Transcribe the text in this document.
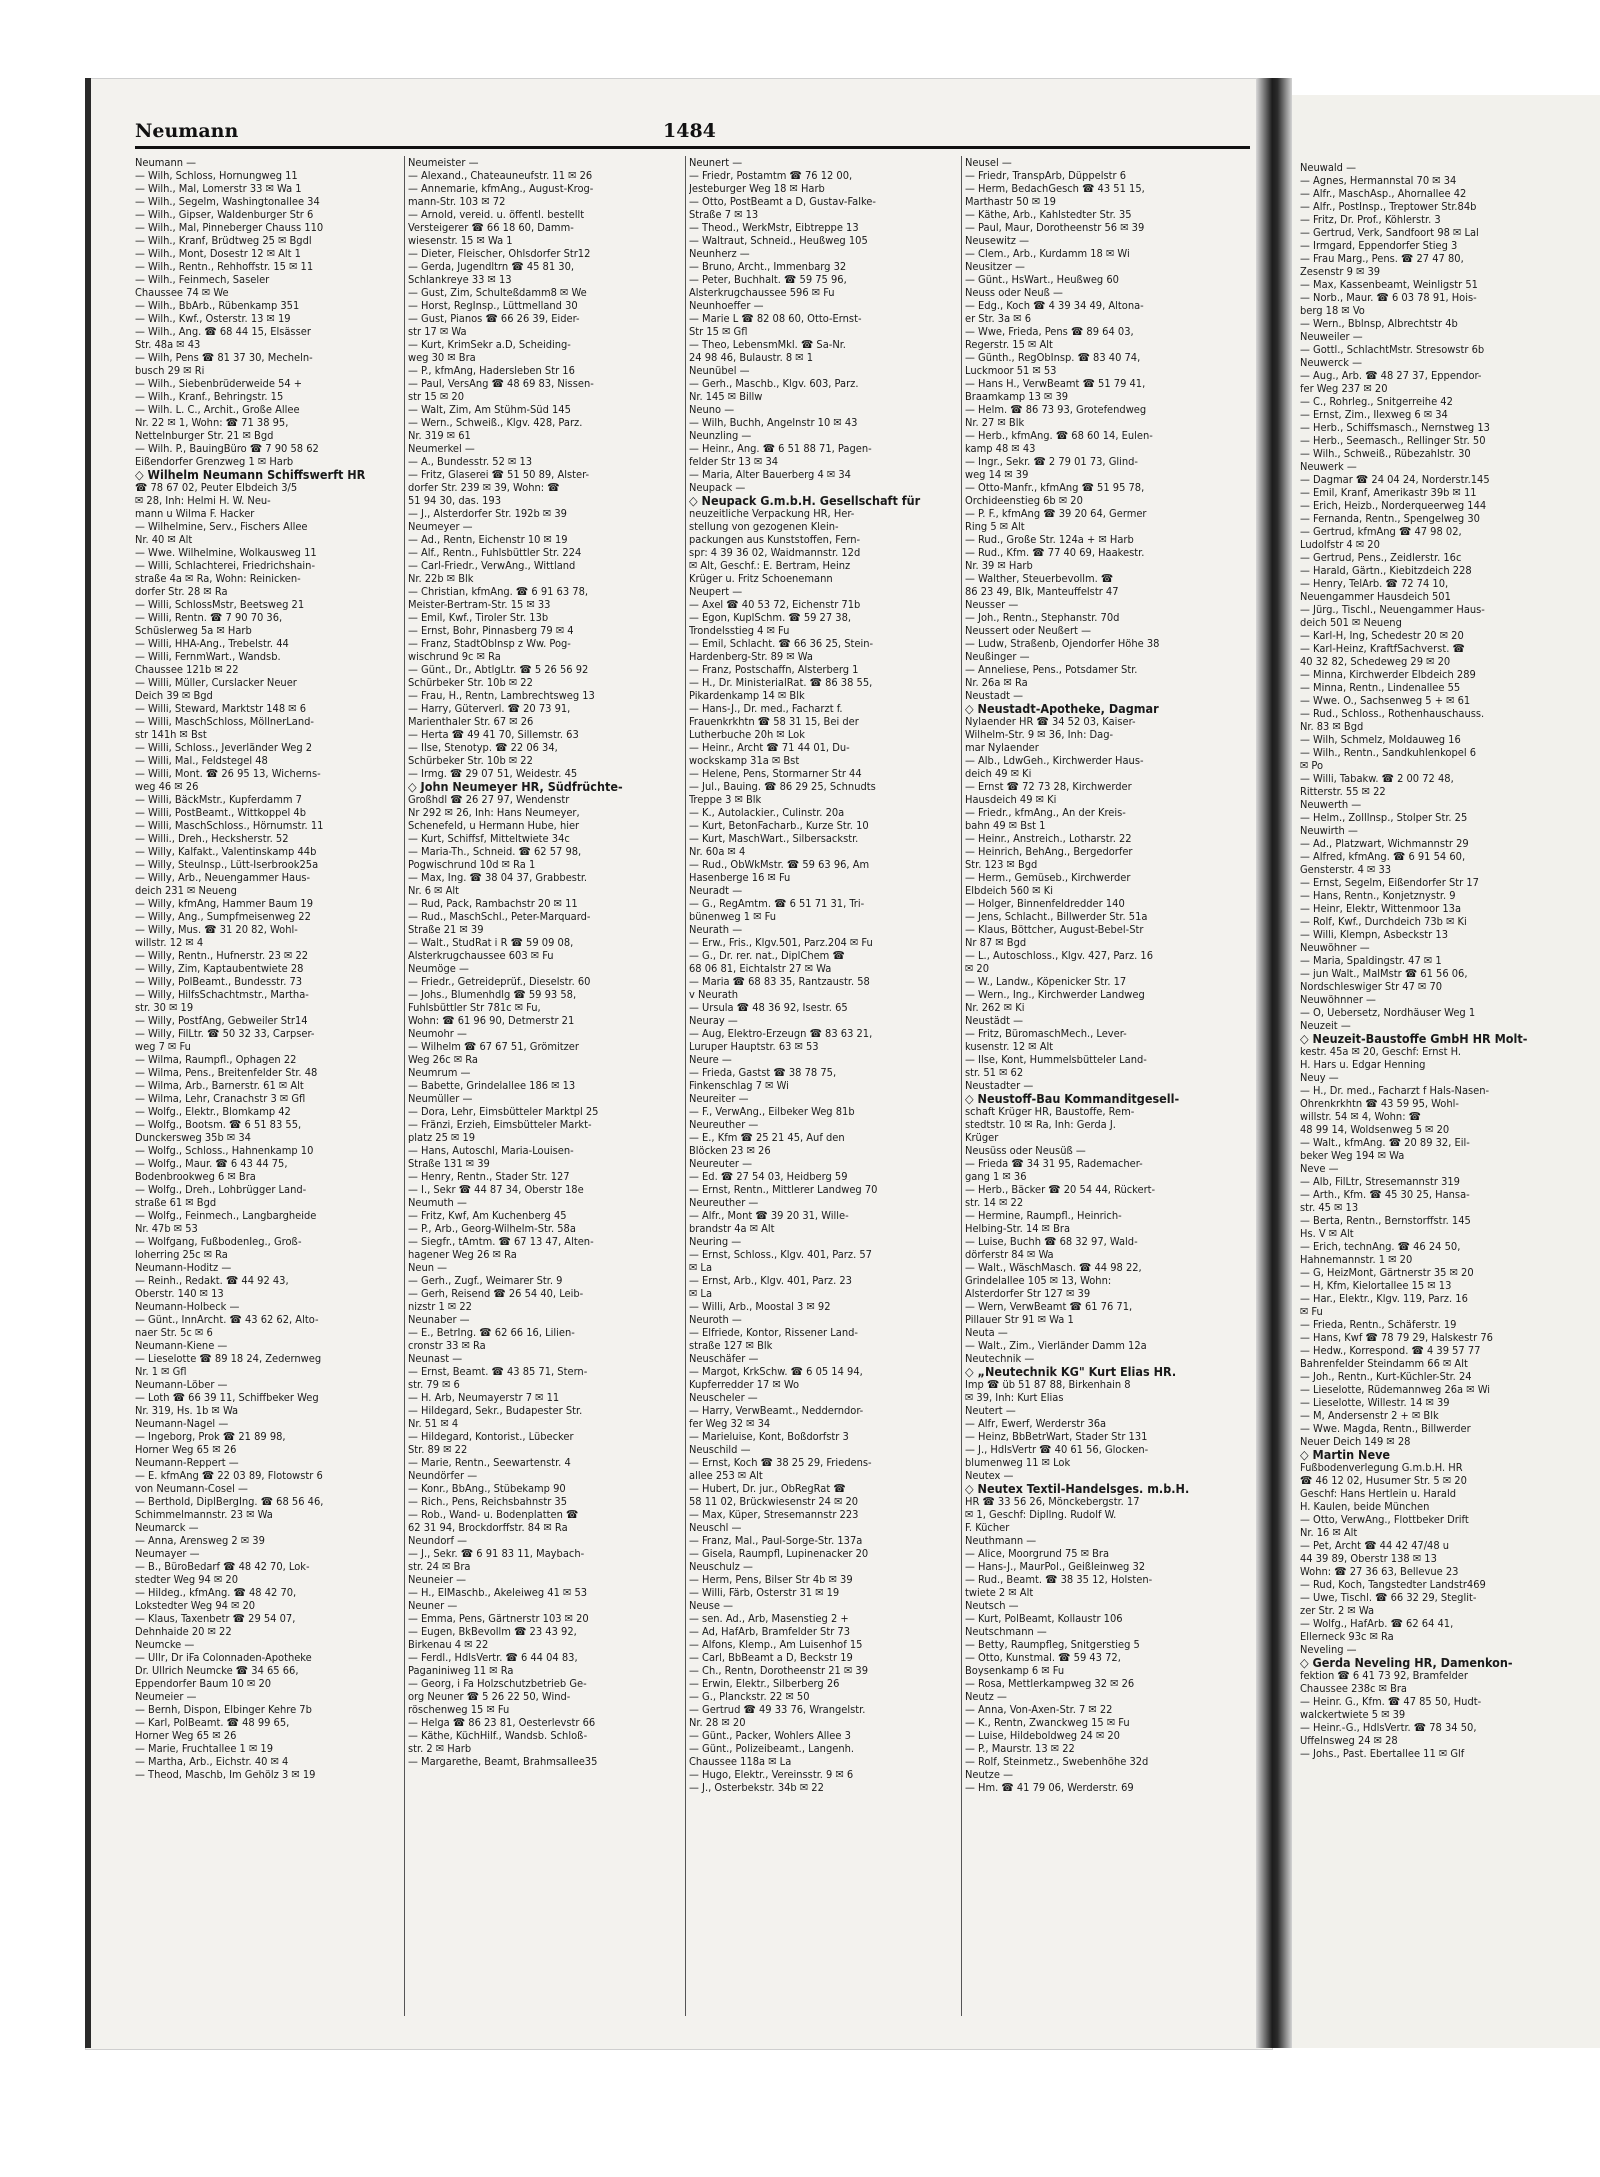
Neumann	1484
Neumann —
— Wilh, Schloss, Hornungweg 11
— Wilh., Mal, Lomerstr 33 ✉ Wa 1
— Wilh., Segelm, Washingtonallee 34
— Wilh., Gipser, Waldenburger Str 6
— Wilh., Mal, Pinneberger Chauss 110
— Wilh., Kranf, Brüdtweg 25 ✉ Bgdl
— Wilh., Mont, Dosestr 12 ✉ Alt 1
— Wilh., Rentn., Rehhoffstr. 15 ✉ 11
— Wilh., Feinmech, Saseler
Chaussee 74 ✉ We
— Wilh., BbArb., Rübenkamp 351
— Wilh., Kwf., Osterstr. 13 ✉ 19
— Wilh., Ang. ☎ 68 44 15, Elsässer
Str. 48a ✉ 43
— Wilh, Pens ☎ 81 37 30, Mecheln-
busch 29 ✉ Ri
— Wilh., Siebenbrüderweide 54 +
— Wilh., Kranf., Behringstr. 15
— Wilh. L. C., Archit., Große Allee
Nr. 22 ✉ 1, Wohn: ☎ 71 38 95,
Nettelnburger Str. 21 ✉ Bgd
— Wilh. P., BauingBüro ☎ 7 90 58 62
Eißendorfer Grenzweg 1 ✉ Harb
◇ Wilhelm Neumann Schiffswerft HR
☎ 78 67 02, Peuter Elbdeich 3/5
✉ 28, Inh: Helmi H. W. Neu-
mann u Wilma F. Hacker
— Wilhelmine, Serv., Fischers Allee
Nr. 40 ✉ Alt
— Wwe. Wilhelmine, Wolkausweg 11
— Willi, Schlachterei, Friedrichshain-
straße 4a ✉ Ra, Wohn: Reinicken-
dorfer Str. 28 ✉ Ra
— Willi, SchlossMstr, Beetsweg 21
— Willi, Rentn. ☎ 7 90 70 36,
Schüslerweg 5a ✉ Harb
— Willi, HHA-Ang., Trebelstr. 44
— Willi, FernmWart., Wandsb.
Chaussee 121b ✉ 22
— Willi, Müller, Curslacker Neuer
Deich 39 ✉ Bgd
— Willi, Steward, Marktstr 148 ✉ 6
— Willi, MaschSchloss, MöllnerLand-
str 141h ✉ Bst
— Willi, Schloss., Jeverländer Weg 2
— Willi, Mal., Feldstegel 48
— Willi, Mont. ☎ 26 95 13, Wicherns-
weg 46 ✉ 26
— Willi, BäckMstr., Kupferdamm 7
— Willi, PostBeamt., Wittkoppel 4b
— Willi, MaschSchloss., Hörnumstr. 11
— Willi., Dreh., Hecksherstr. 52
— Willy, Kalfakt., Valentinskamp 44b
— Willy, Steulnsp., Lütt-Iserbrook25a
— Willy, Arb., Neuengammer Haus-
deich 231 ✉ Neueng
— Willy, kfmAng, Hammer Baum 19
— Willy, Ang., Sumpfmeisenweg 22
— Willy, Mus. ☎ 31 20 82, Wohl-
willstr. 12 ✉ 4
— Willy, Rentn., Hufnerstr. 23 ✉ 22
— Willy, Zim, Kaptaubentwiete 28
— Willy, PolBeamt., Bundesstr. 73
— Willy, HilfsSchachtmstr., Martha-
str. 30 ✉ 19
— Willy, PostfAng, Gebweiler Str14
— Willy, FilLtr. ☎ 50 32 33, Carpser-
weg 7 ✉ Fu
— Wilma, Raumpfl., Ophagen 22
— Wilma, Pens., Breitenfelder Str. 48
— Wilma, Arb., Barnerstr. 61 ✉ Alt
— Wilma, Lehr, Cranachstr 3 ✉ Gfl
— Wolfg., Elektr., Blomkamp 42
— Wolfg., Bootsm. ☎ 6 51 83 55,
Dunckersweg 35b ✉ 34
— Wolfg., Schloss., Hahnenkamp 10
— Wolfg., Maur. ☎ 6 43 44 75,
Bodenbrookweg 6 ✉ Bra
— Wolfg., Dreh., Lohbrügger Land-
straße 61 ✉ Bgd
— Wolfg., Feinmech., Langbargheide
Nr. 47b ✉ 53
— Wolfgang, FußbodenIeg., Groß-
loherring 25c ✉ Ra
Neumann-Hoditz —
— Reinh., Redakt. ☎ 44 92 43,
Oberstr. 140 ✉ 13
Neumann-Holbeck —
— Günt., InnArcht. ☎ 43 62 62, Alto-
naer Str. 5c ✉ 6
Neumann-Kiene —
— Lieselotte ☎ 89 18 24, Zedernweg
Nr. 1 ✉ Gfl
Neumann-Löber —
— Loth ☎ 66 39 11, Schiffbeker Weg
Nr. 319, Hs. 1b ✉ Wa
Neumann-Nagel —
— Ingeborg, Prok ☎ 21 89 98,
Horner Weg 65 ✉ 26
Neumann-Reppert —
— E. kfmAng ☎ 22 03 89, Flotowstr 6
von Neumann-Cosel —
— Berthold, DiplBergIng. ☎ 68 56 46,
Schimmelmannstr. 23 ✉ Wa
Neumarck —
— Anna, Arensweg 2 ✉ 39
Neumayer —
— B., BüroBedarf ☎ 48 42 70, Lok-
stedter Weg 94 ✉ 20
— Hildeg., kfmAng. ☎ 48 42 70,
Lokstedter Weg 94 ✉ 20
— Klaus, Taxenbetr ☎ 29 54 07,
Dehnhaide 20 ✉ 22
Neumcke —
— Ullr, Dr iFa Colonnaden-Apotheke
Dr. Ullrich Neumcke ☎ 34 65 66,
Eppendorfer Baum 10 ✉ 20
Neumeier —
— Bernh, Dispon, Elbinger Kehre 7b
— Karl, PolBeamt. ☎ 48 99 65,
Horner Weg 65 ✉ 26
— Marie, Fruchtallee 1 ✉ 19
— Martha, Arb., Eichstr. 40 ✉ 4
— Theod, Maschb, Im Gehölz 3 ✉ 19
Neumeister —
— Alexand., Chateauneufstr. 11 ✉ 26
— Annemarie, kfmAng., August-Krog-
mann-Str. 103 ✉ 72
— Arnold, vereid. u. öffentl. bestellt
Versteigerer ☎ 66 18 60, Damm-
wiesenstr. 15 ✉ Wa 1
— Dieter, Fleischer, Ohlsdorfer Str12
— Gerda, Jugendltrn ☎ 45 81 30,
Schlankreye 33 ✉ 13
— Gust, Zim, Schulteßdamm8 ✉ We
— Horst, RegInsp., Lüttmelland 30
— Gust, Pianos ☎ 66 26 39, Eider-
str 17 ✉ Wa
— Kurt, KrimSekr a.D, Scheiding-
weg 30 ✉ Bra
— P., kfmAng, Hadersleben Str 16
— Paul, VersAng ☎ 48 69 83, Nissen-
str 15 ✉ 20
— Walt, Zim, Am Stühm-Süd 145
— Wern., Schweiß., Klgv. 428, Parz.
Nr. 319 ✉ 61
Neumerkel —
— A., Bundesstr. 52 ✉ 13
— Fritz, Glaserei ☎ 51 50 89, Alster-
dorfer Str. 239 ✉ 39, Wohn: ☎
51 94 30, das. 193
— J., Alsterdorfer Str. 192b ✉ 39
Neumeyer —
— Ad., Rentn, Eichenstr 10 ✉ 19
— Alf., Rentn., Fuhlsbüttler Str. 224
— Carl-Friedr., VerwAng., Wittland
Nr. 22b ✉ Blk
— Christian, kfmAng. ☎ 6 91 63 78,
Meister-Bertram-Str. 15 ✉ 33
— Emil, Kwf., Tiroler Str. 13b
— Ernst, Bohr, Pinnasberg 79 ✉ 4
— Franz, StadtOblnsp z Ww. Pog-
wischrund 9c ✉ Ra
— Günt., Dr., AbtlgLtr. ☎ 5 26 56 92
Schürbeker Str. 10b ✉ 22
— Frau, H., Rentn, Lambrechtsweg 13
— Harry, Güterverl. ☎ 20 73 91,
Marienthaler Str. 67 ✉ 26
— Herta ☎ 49 41 70, Sillemstr. 63
— Ilse, Stenotyp. ☎ 22 06 34,
Schürbeker Str. 10b ✉ 22
— Irmg. ☎ 29 07 51, Weidestr. 45
◇ John Neumeyer HR, Südfrüchte-
Großhdl ☎ 26 27 97, Wendenstr
Nr 292 ✉ 26, Inh: Hans Neumeyer,
Schenefeld, u Hermann Hube, hier
— Kurt, Schiffsf, Mitteltwiete 34c
— Maria-Th., Schneid. ☎ 62 57 98,
Pogwischrund 10d ✉ Ra 1
— Max, Ing. ☎ 38 04 37, Grabbestr.
Nr. 6 ✉ Alt
— Rud, Pack, Rambachstr 20 ✉ 11
— Rud., MaschSchl., Peter-Marquard-
Straße 21 ✉ 39
— Walt., StudRat i R ☎ 59 09 08,
Alsterkrugchaussee 603 ✉ Fu
Neumöge —
— Friedr., Getreideprüf., Dieselstr. 60
— Johs., Blumenhdlg ☎ 59 93 58,
Fuhlsbüttler Str 781c ✉ Fu,
Wohn: ☎ 61 96 90, Detmerstr 21
Neumohr —
— Wilhelm ☎ 67 67 51, Grömitzer
Weg 26c ✉ Ra
Neumrum —
— Babette, Grindelallee 186 ✉ 13
Neumüller —
— Dora, Lehr, Eimsbütteler Marktpl 25
— Fränzi, Erzieh, Eimsbütteler Markt-
platz 25 ✉ 19
— Hans, Autoschl, Maria-Louisen-
Straße 131 ✉ 39
— Henry, Rentn., Stader Str. 127
— I., Sekr ☎ 44 87 34, Oberstr 18e
Neumuth —
— Fritz, Kwf, Am Kuchenberg 45
— P., Arb., Georg-Wilhelm-Str. 58a
— Siegfr., tAmtm. ☎ 67 13 47, Alten-
hagener Weg 26 ✉ Ra
Neun —
— Gerh., Zugf., Weimarer Str. 9
— Gerh, Reisend ☎ 26 54 40, Leib-
nizstr 1 ✉ 22
Neunaber —
— E., BetrIng. ☎ 62 66 16, Lilien-
cronstr 33 ✉ Ra
Neunast —
— Ernst, Beamt. ☎ 43 85 71, Stern-
str. 79 ✉ 6
— H. Arb, Neumayerstr 7 ✉ 11
— Hildegard, Sekr., Budapester Str.
Nr. 51 ✉ 4
— Hildegard, Kontorist., Lübecker
Str. 89 ✉ 22
— Marie, Rentn., Seewartenstr. 4
Neundörfer —
— Konr., BbAng., Stübekamp 90
— Rich., Pens, Reichsbahnstr 35
— Rob., Wand- u. Bodenplatten ☎
62 31 94, Brockdorffstr. 84 ✉ Ra
Neundorf —
— J., Sekr. ☎ 6 91 83 11, Maybach-
str. 24 ✉ Bra
Neuneier —
— H., ElMaschb., Akeleiweg 41 ✉ 53
Neuner —
— Emma, Pens, Gärtnerstr 103 ✉ 20
— Eugen, BkBevollm ☎ 23 43 92,
Birkenau 4 ✉ 22
— Ferdl., HdlsVertr. ☎ 6 44 04 83,
Paganiniweg 11 ✉ Ra
— Georg, i Fa Holzschutzbetrieb Ge-
org Neuner ☎ 5 26 22 50, Wind-
röschenweg 15 ✉ Fu
— Helga ☎ 86 23 81, Oesterlevstr 66
— Käthe, KüchHilf., Wandsb. Schloß-
str. 2 ✉ Harb
— Margarethe, Beamt, Brahmsallee35
Neunert —
— Friedr, Postamtm ☎ 76 12 00,
Jesteburger Weg 18 ✉ Harb
— Otto, PostBeamt a D, Gustav-Falke-
Straße 7 ✉ 13
— Theod., WerkMstr, Eibtreppe 13
— Waltraut, Schneid., Heußweg 105
Neunherz —
— Bruno, Archt., Immenbarg 32
— Peter, Buchhalt. ☎ 59 75 96,
Alsterkrugchaussee 596 ✉ Fu
Neunhoeffer —
— Marie L ☎ 82 08 60, Otto-Ernst-
Str 15 ✉ Gfl
— Theo, LebensmMkl. ☎ Sa-Nr.
24 98 46, Bulaustr. 8 ✉ 1
Neunübel —
— Gerh., Maschb., Klgv. 603, Parz.
Nr. 145 ✉ Billw
Neuno —
— Wilh, Buchh, Angelnstr 10 ✉ 43
Neunzling —
— Heinr., Ang. ☎ 6 51 88 71, Pagen-
felder Str 13 ✉ 34
— Maria, Alter Bauerberg 4 ✉ 34
Neupack —
◇ Neupack G.m.b.H. Gesellschaft für
neuzeitliche Verpackung HR, Her-
stellung von gezogenen Klein-
packungen aus Kunststoffen, Fern-
spr: 4 39 36 02, Waidmannstr. 12d
✉ Alt, Geschf.: E. Bertram, Heinz
Krüger u. Fritz Schoenemann
Neupert —
— Axel ☎ 40 53 72, Eichenstr 71b
— Egon, KuplSchm. ☎ 59 27 38,
Trondelsstieg 4 ✉ Fu
— Emil, Schlacht. ☎ 66 36 25, Stein-
Hardenberg-Str. 89 ✉ Wa
— Franz, Postschaffn, Alsterberg 1
— H., Dr. MinisterialRat. ☎ 86 38 55,
Pikardenkamp 14 ✉ Blk
— Hans-J., Dr. med., Facharzt f.
Frauenkrkhtn ☎ 58 31 15, Bei der
Lutherbuche 20h ✉ Lok
— Heinr., Archt ☎ 71 44 01, Du-
wockskamp 31a ✉ Bst
— Helene, Pens, Stormarner Str 44
— Jul., Bauing. ☎ 86 29 25, Schnudts
Treppe 3 ✉ Blk
— K., Autolackier., Culinstr. 20a
— Kurt, BetonFacharb., Kurze Str. 10
— Kurt, MaschWart., Silbersackstr.
Nr. 60a ✉ 4
— Rud., ObWkMstr. ☎ 59 63 96, Am
Hasenberge 16 ✉ Fu
Neuradt —
— G., RegAmtm. ☎ 6 51 71 31, Tri-
bünenweg 1 ✉ Fu
Neurath —
— Erw., Fris., Klgv.501, Parz.204 ✉ Fu
— G., Dr. rer. nat., DiplChem ☎
68 06 81, Eichtalstr 27 ✉ Wa
— Maria ☎ 68 83 35, Rantzaustr. 58
v Neurath
— Ursula ☎ 48 36 92, Isestr. 65
Neuray —
— Aug, Elektro-Erzeugn ☎ 83 63 21,
Luruper Hauptstr. 63 ✉ 53
Neure —
— Frieda, Gastst ☎ 38 78 75,
Finkenschlag 7 ✉ Wi
Neureiter —
— F., VerwAng., Eilbeker Weg 81b
Neureuther —
— E., Kfm ☎ 25 21 45, Auf den
Blöcken 23 ✉ 26
Neureuter —
— Ed. ☎ 27 54 03, Heidberg 59
— Ernst, Rentn., Mittlerer Landweg 70
Neureuther —
— Alfr., Mont ☎ 39 20 31, Wille-
brandstr 4a ✉ Alt
Neuring —
— Ernst, Schloss., Klgv. 401, Parz. 57
✉ La
— Ernst, Arb., Klgv. 401, Parz. 23
✉ La
— Willi, Arb., Moostal 3 ✉ 92
Neuroth —
— Elfriede, Kontor, Rissener Land-
straße 127 ✉ Blk
Neuschäfer —
— Margot, KrkSchw. ☎ 6 05 14 94,
Kupferredder 17 ✉ Wo
Neuscheler —
— Harry, VerwBeamt., Nedderndor-
fer Weg 32 ✉ 34
— Marieluise, Kont, Boßdorfstr 3
Neuschild —
— Ernst, Koch ☎ 38 25 29, Friedens-
allee 253 ✉ Alt
— Hubert, Dr. jur., ObRegRat ☎
58 11 02, Brückwiesenstr 24 ✉ 20
— Max, Küper, Stresemannstr 223
Neuschl —
— Franz, Mal., Paul-Sorge-Str. 137a
— Gisela, Raumpfl, Lupinenacker 20
Neuschulz —
— Herm, Pens, Bilser Str 4b ✉ 39
— Willi, Färb, Osterstr 31 ✉ 19
Neuse —
— sen. Ad., Arb, Masenstieg 2 +
— Ad, HafArb, Bramfelder Str 73
— Alfons, Klemp., Am Luisenhof 15
— Carl, BbBeamt a D, Beckstr 19
— Ch., Rentn, Dorotheenstr 21 ✉ 39
— Erwin, Elektr., Silberberg 26
— G., Planckstr. 22 ✉ 50
— Gertrud ☎ 49 33 76, Wrangelstr.
Nr. 28 ✉ 20
— Günt., Packer, Wohlers Allee 3
— Günt., Polizeibeamt., Langenh.
Chaussee 118a ✉ La
— Hugo, Elektr., Vereinsstr. 9 ✉ 6
— J., Osterbekstr. 34b ✉ 22
Neusel —
— Friedr, TranspArb, Düppelstr 6
— Herm, BedachGesch ☎ 43 51 15,
Marthastr 50 ✉ 19
— Käthe, Arb., Kahlstedter Str. 35
— Paul, Maur, Dorotheenstr 56 ✉ 39
Neusewitz —
— Clem., Arb., Kurdamm 18 ✉ Wi
Neusitzer —
— Günt., HsWart., Heußweg 60
Neuss oder Neuß —
— Edg., Koch ☎ 4 39 34 49, Altona-
er Str. 3a ✉ 6
— Wwe, Frieda, Pens ☎ 89 64 03,
Regerstr. 15 ✉ Alt
— Günth., RegObInsp. ☎ 83 40 74,
Luckmoor 51 ✉ 53
— Hans H., VerwBeamt ☎ 51 79 41,
Braamkamp 13 ✉ 39
— Helm. ☎ 86 73 93, Grotefendweg
Nr. 27 ✉ Blk
— Herb., kfmAng. ☎ 68 60 14, Eulen-
kamp 48 ✉ 43
— Ingr., Sekr. ☎ 2 79 01 73, Glind-
weg 14 ✉ 39
— Otto-Manfr., kfmAng ☎ 51 95 78,
Orchideenstieg 6b ✉ 20
— P. F., kfmAng ☎ 39 20 64, Germer
Ring 5 ✉ Alt
— Rud., Große Str. 124a + ✉ Harb
— Rud., Kfm. ☎ 77 40 69, Haakestr.
Nr. 39 ✉ Harb
— Walther, Steuerbevollm. ☎
86 23 49, Blk, Manteuffelstr 47
Neusser —
— Joh., Rentn., Stephanstr. 70d
Neussert oder Neußert —
— Ludw, Straßenb, Ojendorfer Höhe 38
Neußinger —
— Anneliese, Pens., Potsdamer Str.
Nr. 26a ✉ Ra
Neustadt —
◇ Neustadt-Apotheke, Dagmar
Nylaender HR ☎ 34 52 03, Kaiser-
Wilhelm-Str. 9 ✉ 36, Inh: Dag-
mar Nylaender
— Alb., LdwGeh., Kirchwerder Haus-
deich 49 ✉ Ki
— Ernst ☎ 72 73 28, Kirchwerder
Hausdeich 49 ✉ Ki
— Friedr., kfmAng., An der Kreis-
bahn 49 ✉ Bst 1
— Heinr., Anstreich., Lotharstr. 22
— Heinrich, BehAng., Bergedorfer
Str. 123 ✉ Bgd
— Herm., Gemüseb., Kirchwerder
Elbdeich 560 ✉ Ki
— Holger, Binnenfeldredder 140
— Jens, Schlacht., Billwerder Str. 51a
— Klaus, Böttcher, August-Bebel-Str
Nr 87 ✉ Bgd
— L., Autoschloss., Klgv. 427, Parz. 16
✉ 20
— W., Landw., Köpenicker Str. 17
— Wern., Ing., Kirchwerder Landweg
Nr. 262 ✉ Ki
Neustädt —
— Fritz, BüromaschMech., Lever-
kusenstr. 12 ✉ Alt
— Ilse, Kont, Hummelsbütteler Land-
str. 51 ✉ 62
Neustadter —
◇ Neustoff-Bau Kommanditgesell-
schaft Krüger HR, Baustoffe, Rem-
stedtstr. 10 ✉ Ra, Inh: Gerda J.
Krüger
Neusüss oder Neusüß —
— Frieda ☎ 34 31 95, Rademacher-
gang 1 ✉ 36
— Herb., Bäcker ☎ 20 54 44, Rückert-
str. 14 ✉ 22
— Hermine, Raumpfl., Heinrich-
Helbing-Str. 14 ✉ Bra
— Luise, Buchh ☎ 68 32 97, Wald-
dörferstr 84 ✉ Wa
— Walt., WäschMasch. ☎ 44 98 22,
Grindelallee 105 ✉ 13, Wohn:
Alsterdorfer Str 127 ✉ 39
— Wern, VerwBeamt ☎ 61 76 71,
Pillauer Str 91 ✉ Wa 1
Neuta —
— Walt., Zim., Vierländer Damm 12a
Neutechnik —
◇ „Neutechnik KG" Kurt Elias HR.
Imp ☎ üb 51 87 88, Birkenhain 8
✉ 39, Inh: Kurt Elias
Neutert —
— Alfr, Ewerf, Werderstr 36a
— Heinz, BbBetrWart, Stader Str 131
— J., HdlsVertr ☎ 40 61 56, Glocken-
blumenweg 11 ✉ Lok
Neutex —
◇ Neutex Textil-Handelsges. m.b.H.
HR ☎ 33 56 26, Mönckebergstr. 17
✉ 1, Geschf: Dipllng. Rudolf W.
F. Kücher
Neuthmann —
— Alice, Moorgrund 75 ✉ Bra
— Hans-J., MaurPol., Geißleinweg 32
— Rud., Beamt. ☎ 38 35 12, Holsten-
twiete 2 ✉ Alt
Neutsch —
— Kurt, PolBeamt, Kollaustr 106
Neutschmann —
— Betty, Raumpfleg, Snitgerstieg 5
— Otto, Kunstmal. ☎ 59 43 72,
Boysenkamp 6 ✉ Fu
— Rosa, Mettlerkampweg 32 ✉ 26
Neutz —
— Anna, Von-Axen-Str. 7 ✉ 22
— K., Rentn, Zwanckweg 15 ✉ Fu
— Luise, Hildeboldweg 24 ✉ 20
— P., Maurstr. 13 ✉ 22
— Rolf, Steinmetz., Swebenhöhe 32d
Neutze —
— Hm. ☎ 41 79 06, Werderstr. 69
Neuwald —
— Agnes, Hermannstal 70 ✉ 34
— Alfr., MaschAsp., Ahornallee 42
— Alfr., PostInsp., Treptower Str.84b
— Fritz, Dr. Prof., Köhlerstr. 3
— Gertrud, Verk, Sandfoort 98 ✉ Lal
— Irmgard, Eppendorfer Stieg 3
— Frau Marg., Pens. ☎ 27 47 80,
Zesenstr 9 ✉ 39
— Max, Kassenbeamt, Weinligstr 51
— Norb., Maur. ☎ 6 03 78 91, Hois-
berg 18 ✉ Vo
— Wern., Bblnsp, Albrechtstr 4b
Neuweiler —
— Gottl., SchlachtMstr. Stresowstr 6b
Neuwerck —
— Aug., Arb. ☎ 48 27 37, Eppendor-
fer Weg 237 ✉ 20
— C., Rohrleg., Snitgerreihe 42
— Ernst, Zim., Ilexweg 6 ✉ 34
— Herb., Schiffsmasch., Nernstweg 13
— Herb., Seemasch., Rellinger Str. 50
— Wilh., Schweiß., Rübezahlstr. 30
Neuwerk —
— Dagmar ☎ 24 04 24, Norderstr.145
— Emil, Kranf, Amerikastr 39b ✉ 11
— Erich, Heizb., Norderqueerweg 144
— Fernanda, Rentn., Spengelweg 30
— Gertrud, kfmAng ☎ 47 98 02,
Ludolfstr 4 ✉ 20
— Gertrud, Pens., Zeidlerstr. 16c
— Harald, Gärtn., Kiebitzdeich 228
— Henry, TelArb. ☎ 72 74 10,
Neuengammer Hausdeich 501
— Jürg., Tischl., Neuengammer Haus-
deich 501 ✉ Neueng
— Karl-H, Ing, Schedestr 20 ✉ 20
— Karl-Heinz, KraftfSachverst. ☎
40 32 82, Schedeweg 29 ✉ 20
— Minna, Kirchwerder Elbdeich 289
— Minna, Rentn., Lindenallee 55
— Wwe. O., Sachsenweg 5 + ✉ 61
— Rud., Schloss., Rothenhauschauss.
Nr. 83 ✉ Bgd
— Wilh, Schmelz, Moldauweg 16
— Wilh., Rentn., Sandkuhlenkopel 6
✉ Po
— Willi, Tabakw. ☎ 2 00 72 48,
Ritterstr. 55 ✉ 22
Neuwerth —
— Helm., Zolllnsp., Stolper Str. 25
Neuwirth —
— Ad., Platzwart, Wichmannstr 29
— Alfred, kfmAng. ☎ 6 91 54 60,
Gensterstr. 4 ✉ 33
— Ernst, Segelm, Eißendorfer Str 17
— Hans, Rentn., Konjetznystr. 9
— Heinr, Elektr, Wittenmoor 13a
— Rolf, Kwf., Durchdeich 73b ✉ Ki
— Willi, Klempn, Asbeckstr 13
Neuwöhner —
— Maria, Spaldingstr. 47 ✉ 1
— jun Walt., MalMstr ☎ 61 56 06,
Nordschleswiger Str 47 ✉ 70
Neuwöhnner —
— O, Uebersetz, Nordhäuser Weg 1
Neuzeit —
◇ Neuzeit-Baustoffe GmbH HR Molt-
kestr. 45a ✉ 20, Geschf: Ernst H.
H. Hars u. Edgar Henning
Neuy —
— H., Dr. med., Facharzt f Hals-Nasen-
Ohrenkrkhtn ☎ 43 59 95, Wohl-
willstr. 54 ✉ 4, Wohn: ☎
48 99 14, Woldsenweg 5 ✉ 20
— Walt., kfmAng. ☎ 20 89 32, Eil-
beker Weg 194 ✉ Wa
Neve —
— Alb, FilLtr, Stresemannstr 319
— Arth., Kfm. ☎ 45 30 25, Hansa-
str. 45 ✉ 13
— Berta, Rentn., Bernstorffstr. 145
Hs. V ✉ Alt
— Erich, technAng. ☎ 46 24 50,
Hahnemannstr. 1 ✉ 20
— G, HeizMont, Gärtnerstr 35 ✉ 20
— H, Kfm, Kielortallee 15 ✉ 13
— Har., Elektr., Klgv. 119, Parz. 16
✉ Fu
— Frieda, Rentn., Schäferstr. 19
— Hans, Kwf ☎ 78 79 29, Halskestr 76
— Hedw., Korrespond. ☎ 4 39 57 77
Bahrenfelder Steindamm 66 ✉ Alt
— Joh., Rentn., Kurt-Küchler-Str. 24
— Lieselotte, Rüdemannweg 26a ✉ Wi
— Lieselotte, Willestr. 14 ✉ 39
— M, Andersenstr 2 + ✉ Blk
— Wwe. Magda, Rentn., Billwerder
Neuer Deich 149 ✉ 28
◇ Martin Neve
Fußbodenverlegung G.m.b.H. HR
☎ 46 12 02, Husumer Str. 5 ✉ 20
Geschf: Hans Hertlein u. Harald
H. Kaulen, beide München
— Otto, VerwAng., Flottbeker Drift
Nr. 16 ✉ Alt
— Pet, Archt ☎ 44 42 47/48 u
44 39 89, Oberstr 138 ✉ 13
Wohn: ☎ 27 36 63, Bellevue 23
— Rud, Koch, Tangstedter Landstr469
— Uwe, Tischl. ☎ 66 32 29, Steglit-
zer Str. 2 ✉ Wa
— Wolfg., HafArb. ☎ 62 64 41,
Ellerneck 93c ✉ Ra
Neveling —
◇ Gerda Neveling HR, Damenkon-
fektion ☎ 6 41 73 92, Bramfelder
Chaussee 238c ✉ Bra
— Heinr. G., Kfm. ☎ 47 85 50, Hudt-
walckertwiete 5 ✉ 39
— Heinr.-G., HdlsVertr. ☎ 78 34 50,
Uffelnsweg 24 ✉ 28
— Johs., Past. Ebertallee 11 ✉ Glf
